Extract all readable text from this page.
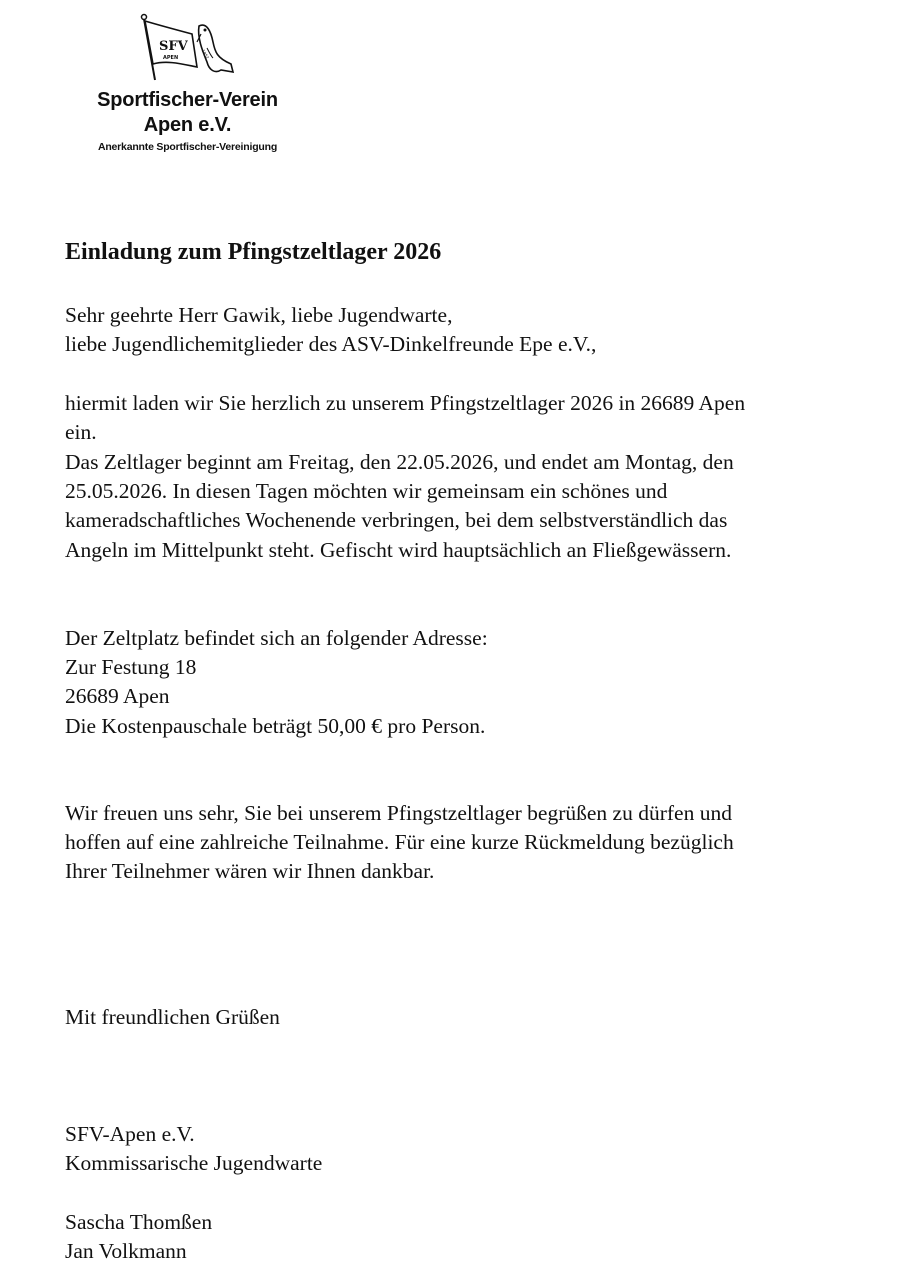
SFV
APEN	1952
Sportfischer-Verein
Apen e.V.
Anerkannte Sportfischer-Vereinigung
Einladung zum Pfingstzeltlager 2026
Sehr geehrte Herr Gawik, liebe Jugendwarte,
liebe Jugendlichemitglieder des ASV-Dinkelfreunde Epe e.V.,
hiermit laden wir Sie herzlich zu unserem Pfingstzeltlager 2026 in 26689 Apen
ein.
Das Zeltlager beginnt am Freitag, den 22.05.2026, und endet am Montag, den
25.05.2026. In diesen Tagen möchten wir gemeinsam ein schönes und
kameradschaftliches Wochenende verbringen, bei dem selbstverständlich das
Angeln im Mittelpunkt steht. Gefischt wird hauptsächlich an Fließgewässern.
Der Zeltplatz befindet sich an folgender Adresse:
Zur Festung 18
26689 Apen
Die Kostenpauschale beträgt 50,00 € pro Person.
Wir freuen uns sehr, Sie bei unserem Pfingstzeltlager begrüßen zu dürfen und
hoffen auf eine zahlreiche Teilnahme. Für eine kurze Rückmeldung bezüglich
Ihrer Teilnehmer wären wir Ihnen dankbar.
Mit freundlichen Grüßen
SFV-Apen e.V.
Kommissarische Jugendwarte
Sascha Thomßen
Jan Volkmann
